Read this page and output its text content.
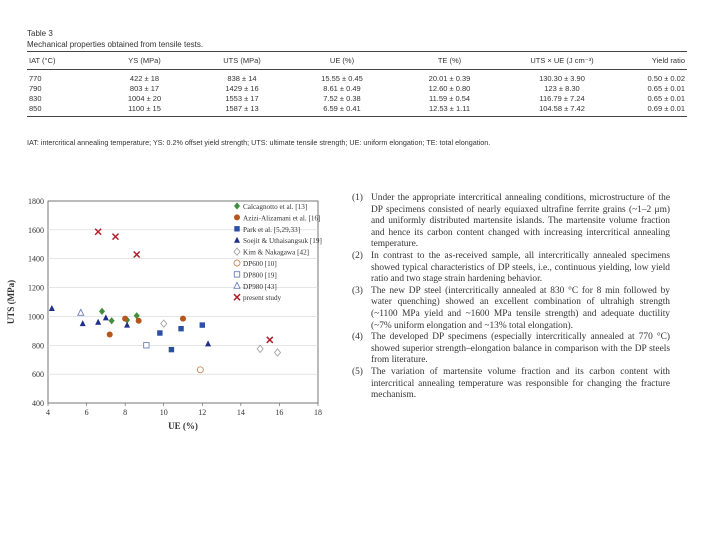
Table 3
Mechanical properties obtained from tensile tests.
IAT (°C)	YS (MPa)	UTS (MPa)	UE (%)	TE (%)	UTS × UE (J cm⁻³)	Yield ratio
770	422 ± 18	838 ± 14	15.55 ± 0.45	20.01 ± 0.39	130.30 ± 3.90	0.50 ± 0.02
790	803 ± 17	1429 ± 16	8.61 ± 0.49	12.60 ± 0.80	123 ± 8.30	0.65 ± 0.01
830	1004 ± 20	1553 ± 17	7.52 ± 0.38	11.59 ± 0.54	116.79 ± 7.24	0.65 ± 0.01
850	1100 ± 15	1587 ± 13	6.59 ± 0.41	12.53 ± 1.11	104.58 ± 7.42	0.69 ± 0.01
IAT: intercritical annealing temperature; YS: 0.2% offset yield strength; UTS: ultimate tensile strength; UE: uniform elongation; TE: total elongation.
400
600
800
1000
1200
1400
1600
1800
4	6	8	10	12	14	16	18
Calcagnotto et al. [13]
Azizi-Alizamani et al. [16]
Park et al. [5,29,33]
Soejit & Uthaisangsuk [19]
Kim & Nakagawa [42]
DP600 [10]
DP800 [19]
DP980 [43]
present study
UE (%)
UTS (MPa)
(1) Under the appropriate intercritical annealing conditions, microstructure of the DP specimens consisted of nearly equiaxed ultrafine ferrite grains (~1–2 μm) and uniformly distributed martensite islands. The martensite volume fraction and hence its carbon content changed with increasing intercritical annealing temperature.
(2) In contrast to the as-received sample, all intercritically annealed specimens showed typical characteristics of DP steels, i.e., continuous yielding, low yield ratio and two stage strain hardening behavior.
(3) The new DP steel (intercritically annealed at 830 °C for 8 min followed by water quenching) showed an excellent combination of ultrahigh strength (~1100 MPa yield and ~1600 MPa tensile strength) and adequate ductility (~7% uniform elongation and ~13% total elongation).
(4) The developed DP specimens (especially intercritically annealed at 770 °C) showed superior strength–elongation balance in comparison with the DP steels from literature.
(5) The variation of martensite volume fraction and its carbon content with intercritical annealing temperature was responsible for changing the fracture mechanism.
